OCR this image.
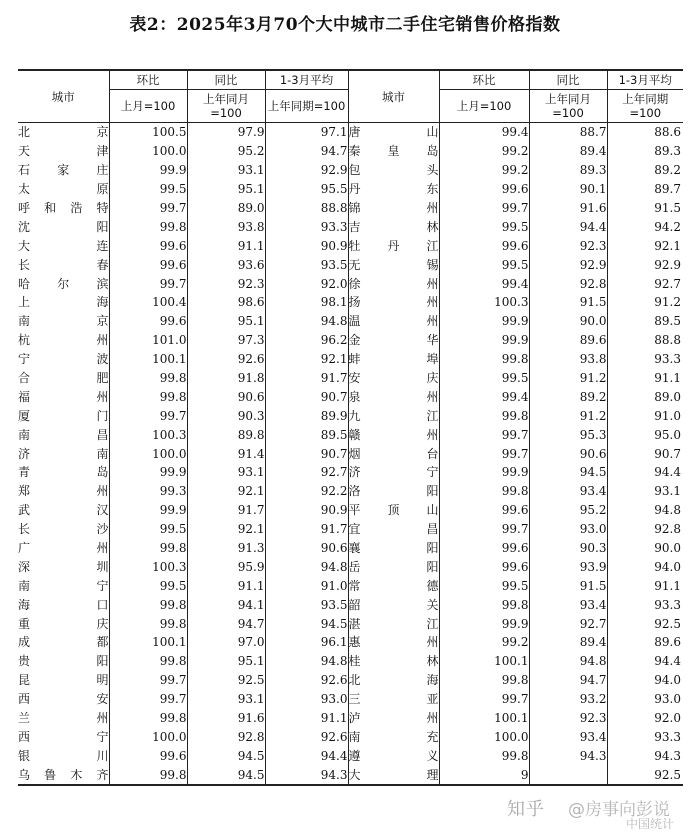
表2：2025年3月70个大中城市二手住宅销售价格指数
城市	环比	同比	1-3月平均	城市	环比	同比	1-3月平均
	上月=100	上年同月=100	上年同期=100		上月=100	上年同月=100	上年同期=100
北京	100.5	97.9	97.1	唐山	99.4	88.7	88.6
天津	100.0	95.2	94.7	秦皇岛	99.2	89.4	89.3
石家庄	99.9	93.1	92.9	包头	99.2	89.3	89.2
太原	99.5	95.1	95.5	丹东	99.6	90.1	89.7
呼和浩特	99.7	89.0	88.8	锦州	99.7	91.6	91.5
沈阳	99.8	93.8	93.3	吉林	99.5	94.4	94.2
大连	99.6	91.1	90.9	牡丹江	99.6	92.3	92.1
长春	99.6	93.6	93.5	无锡	99.5	92.9	92.9
哈尔滨	99.7	92.3	92.0	徐州	99.4	92.8	92.7
上海	100.4	98.6	98.1	扬州	100.3	91.5	91.2
南京	99.6	95.1	94.8	温州	99.9	90.0	89.5
杭州	101.0	97.3	96.2	金华	99.9	89.6	88.8
宁波	100.1	92.6	92.1	蚌埠	99.8	93.8	93.3
合肥	99.8	91.8	91.7	安庆	99.5	91.2	91.1
福州	99.8	90.6	90.7	泉州	99.4	89.2	89.0
厦门	99.7	90.3	89.9	九江	99.8	91.2	91.0
南昌	100.3	89.8	89.5	赣州	99.7	95.3	95.0
济南	100.0	91.4	90.7	烟台	99.7	90.6	90.7
青岛	99.9	93.1	92.7	济宁	99.9	94.5	94.4
郑州	99.3	92.1	92.2	洛阳	99.8	93.4	93.1
武汉	99.9	91.7	90.9	平顶山	99.6	95.2	94.8
长沙	99.5	92.1	91.7	宜昌	99.7	93.0	92.8
广州	99.8	91.3	90.6	襄阳	99.6	90.3	90.0
深圳	100.3	95.9	94.8	岳阳	99.6	93.9	94.0
南宁	99.5	91.1	91.0	常德	99.5	91.5	91.1
海口	99.8	94.1	93.5	韶关	99.8	93.4	93.3
重庆	99.8	94.7	94.5	湛江	99.9	92.7	92.5
成都	100.1	97.0	96.1	惠州	99.2	89.4	89.6
贵阳	99.8	95.1	94.8	桂林	100.1	94.8	94.4
昆明	99.7	92.5	92.6	北海	99.8	94.7	94.0
西安	99.7	93.1	93.0	三亚	99.7	93.2	93.0
兰州	99.8	91.6	91.1	泸州	100.1	92.3	92.0
西宁	100.0	92.8	92.6	南充	100.0	93.4	93.3
银川	99.6	94.5	94.4	遵义	99.8	94.3	94.3
乌鲁木齐	99.8	94.5	94.3	大理	9		92.5
知乎 @房事向彭说
中国统计
